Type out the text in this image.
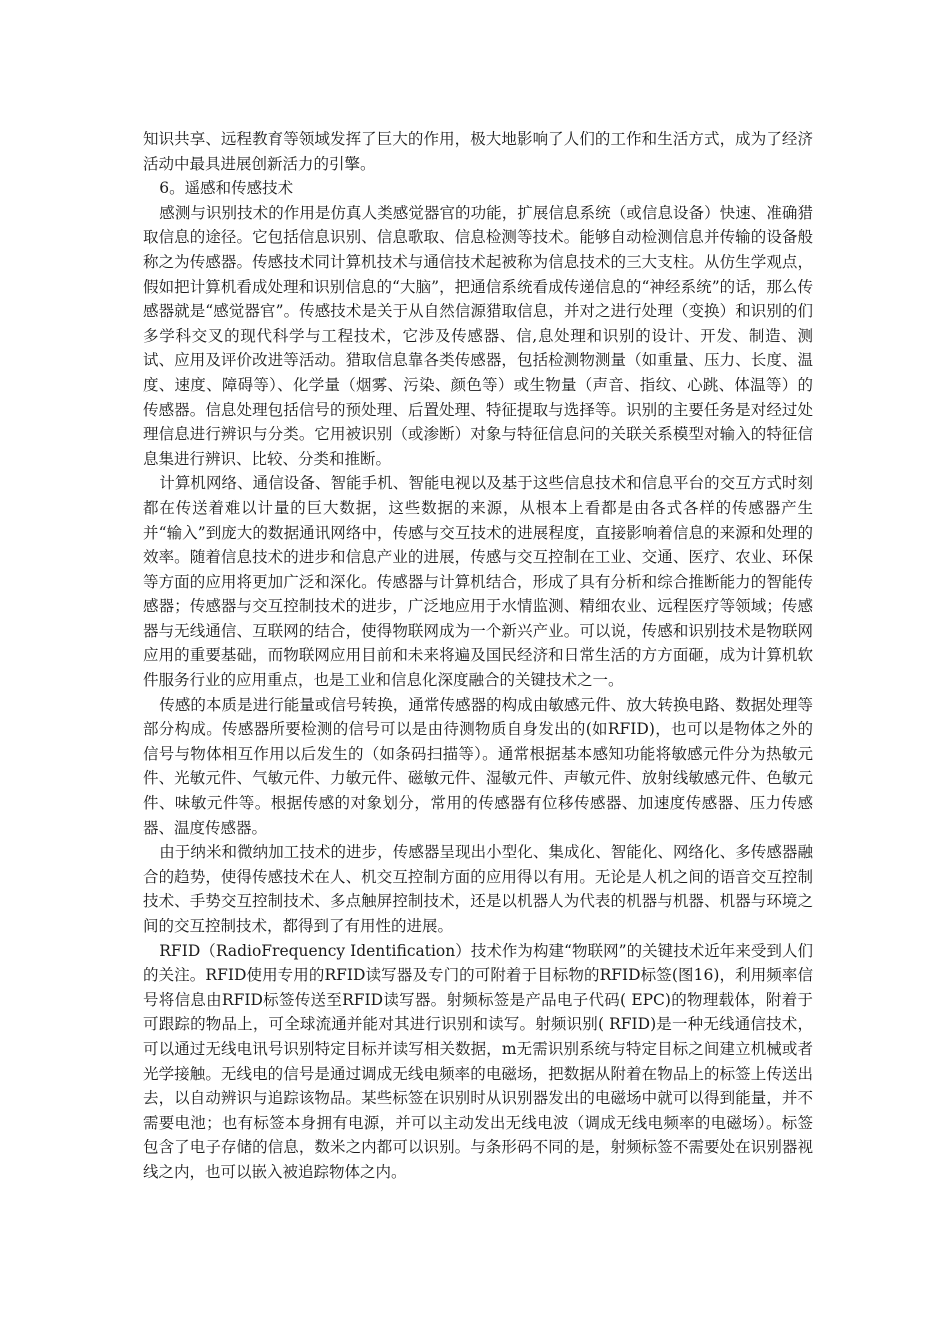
知识共享、远程教育等领域发挥了巨大的作用，极大地影响了人们的工作和生活方式，成为了经济活动中最具进展创新活力的引擎。

6。遥感和传感技术

感测与识别技术的作用是仿真人类感觉器官的功能，扩展信息系统（或信息设备）快速、准确猎取信息的途径。它包括信息识别、信息歌取、信息检测等技术。能够自动检测信息并传输的设备般称之为传感器。传感技术同计算机技术与通信技术起被称为信息技术的三大支柱。从仿生学观点，假如把计算机看成处理和识别信息的“大脑”，把通信系统看成传递信息的“神经系统”的话，那么传感器就是“感觉器官”。传感技术是关于从自然信源猎取信息，并对之进行处理（变换）和识别的们多学科交叉的现代科学与工程技术，它涉及传感器、信,息处理和识别的设计、开发、制造、测试、应用及评价改进等活动。猎取信息靠各类传感器，包括检测物测量（如重量、压力、长度、温度、速度、障碍等）、化学量（烟雾、污染、颜色等）或生物量（声音、指纹、心跳、体温等）的传感器。信息处理包括信号的预处理、后置处理、特征提取与选择等。识别的主要任务是对经过处理信息进行辨识与分类。它用被识别（或渗断）对象与特征信息问的关联关系模型对输入的特征信息集进行辨识、比较、分类和推断。

计算机网络、通信设备、智能手机、智能电视以及基于这些信息技术和信息平台的交互方式时刻都在传送着难以计量的巨大数据，这些数据的来源，从根本上看都是由各式各样的传感器产生并“输入”到庞大的数据通讯网络中，传感与交互技术的进展程度，直接影响着信息的来源和处理的效率。随着信息技术的进步和信息产业的进展，传感与交互控制在工业、交通、医疗、农业、环保等方面的应用将更加广泛和深化。传感器与计算机结合，形成了具有分析和综合推断能力的智能传感器；传感器与交互控制技术的进步，广泛地应用于水情监测、精细农业、远程医疗等领域；传感器与无线通信、互联网的结合，使得物联网成为一个新兴产业。可以说，传感和识别技术是物联网应用的重要基础，而物联网应用目前和未来将遍及国民经济和日常生活的方方面砸，成为计算机软件服务行业的应用重点，也是工业和信息化深度融合的关键技术之一。

传感的本质是进行能量或信号转换，通常传感器的构成由敏感元件、放大转换电路、数据处理等部分构成。传感器所要检测的信号可以是由待测物质自身发出的(如RFID)，也可以是物体之外的信号与物体相互作用以后发生的（如条码扫描等）。通常根据基本感知功能将敏感元件分为热敏元件、光敏元件、气敏元件、力敏元件、磁敏元件、湿敏元件、声敏元件、放射线敏感元件、色敏元件、味敏元件等。根据传感的对象划分，常用的传感器有位移传感器、加速度传感器、压力传感器、温度传感器。

由于纳米和微纳加工技术的进步，传感器呈现出小型化、集成化、智能化、网络化、多传感器融合的趋势，使得传感技术在人、机交互控制方面的应用得以有用。无论是人机之间的语音交互控制技术、手势交互控制技术、多点触屏控制技术，还是以机器人为代表的机器与机器、机器与环境之间的交互控制技术，都得到了有用性的进展。

RFID（RadioFrequency Identification）技术作为构建“物联网”的关键技术近年来受到人们的关注。RFID使用专用的RFID读写器及专门的可附着于目标物的RFID标签(图16)，利用频率信号将信息由RFID标签传送至RFID读写器。射频标签是产品电子代码( EPC)的物理载体，附着于可跟踪的物品上，可全球流通并能对其进行识别和读写。射频识别( RFID)是一种无线通信技术，可以通过无线电讯号识别特定目标并读写相关数据，m无需识别系统与特定目标之间建立机械或者光学接触。无线电的信号是通过调成无线电频率的电磁场，把数据从附着在物品上的标签上传送出去，以自动辨识与追踪该物品。某些标签在识别时从识别器发出的电磁场中就可以得到能量，并不需要电池；也有标签本身拥有电源，并可以主动发出无线电波（调成无线电频率的电磁场）。标签包含了电子存储的信息，数米之内都可以识别。与条形码不同的是，射频标签不需要处在识别器视线之内，也可以嵌入被追踪物体之内。
